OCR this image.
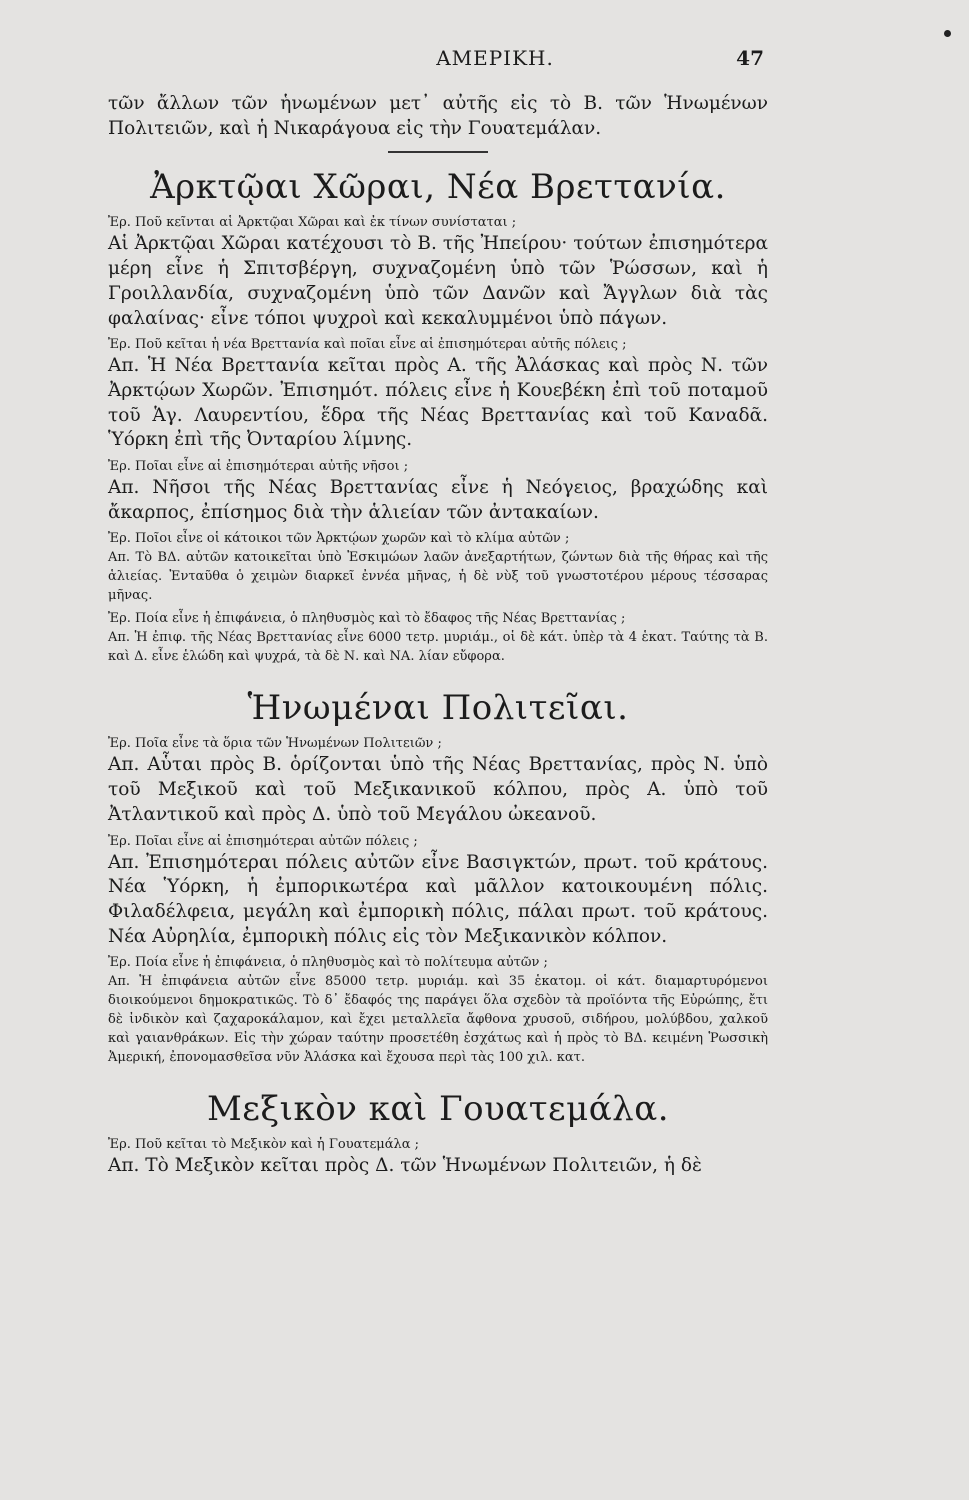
ΑΜΕΡΙΚΗ.	47

τῶν ἄλλων τῶν ἡνωμένων μετ᾽ αὐτῆς εἰς τὸ Β. τῶν Ἡνωμένων Πολιτειῶν, καὶ ἡ Νικαράγουα εἰς τὴν Γουατεμάλαν.

Ἀρκτῷαι Χῶραι, Νέα Βρεττανία.

Ἐρ. Ποῦ κεῖνται αἱ Ἀρκτῷαι Χῶραι καὶ ἐκ τίνων συνίσταται ;

Αἱ Ἀρκτῷαι Χῶραι κατέχουσι τὸ Β. τῆς Ἠπείρου· τούτων ἐπισημότερα μέρη εἶνε ἡ Σπιτσβέργη, συχναζομένη ὑπὸ τῶν Ῥώσσων, καὶ ἡ Γροιλλανδία, συχναζομένη ὑπὸ τῶν Δανῶν καὶ Ἄγγλων διὰ τὰς φαλαίνας· εἶνε τόποι ψυχροὶ καὶ κεκαλυμμένοι ὑπὸ πάγων.

Ἐρ. Ποῦ κεῖται ἡ νέα Βρεττανία καὶ ποῖαι εἶνε αἱ ἐπισημότεραι αὐτῆς πόλεις ;

Απ. Ἡ Νέα Βρεττανία κεῖται πρὸς Α. τῆς Ἀλάσκας καὶ πρὸς Ν. τῶν Ἀρκτῴων Χωρῶν. Ἐπισημότ. πόλεις εἶνε ἡ Κουεβέκη ἐπὶ τοῦ ποταμοῦ τοῦ Ἁγ. Λαυρεντίου, ἕδρα τῆς Νέας Βρεττανίας καὶ τοῦ Καναδᾶ. Ὑόρκη ἐπὶ τῆς Ὀνταρίου λίμνης.

Ἐρ. Ποῖαι εἶνε αἱ ἐπισημότεραι αὐτῆς νῆσοι ;

Απ. Νῆσοι τῆς Νέας Βρεττανίας εἶνε ἡ Νεόγειος, βραχώδης καὶ ἄκαρπος, ἐπίσημος διὰ τὴν ἁλιείαν τῶν ἀντακαίων.

Ἐρ. Ποῖοι εἶνε οἱ κάτοικοι τῶν Ἀρκτῴων χωρῶν καὶ τὸ κλίμα αὐτῶν ;

Απ. Τὸ ΒΔ. αὐτῶν κατοικεῖται ὑπὸ Ἐσκιμώων λαῶν ἀνεξαρτήτων, ζώντων διὰ τῆς θήρας καὶ τῆς ἁλιείας. Ἐνταῦθα ὁ χειμὼν διαρκεῖ ἐννέα μῆνας, ἡ δὲ νὺξ τοῦ γνωστοτέρου μέρους τέσσαρας μῆνας.

Ἐρ. Ποία εἶνε ἡ ἐπιφάνεια, ὁ πληθυσμὸς καὶ τὸ ἔδαφος τῆς Νέας Βρεττανίας ;

Απ. Ἡ ἐπιφ. τῆς Νέας Βρεττανίας εἶνε 6000 τετρ. μυριάμ., οἱ δὲ κάτ. ὑπὲρ τὰ 4 ἑκατ. Ταύτης τὰ Β. καὶ Δ. εἶνε ἑλώδη καὶ ψυχρά, τὰ δὲ Ν. καὶ ΝΑ. λίαν εὔφορα.

Ἡνωμέναι Πολιτεῖαι.

Ἐρ. Ποῖα εἶνε τὰ ὅρια τῶν Ἡνωμένων Πολιτειῶν ;

Απ. Αὗται πρὸς Β. ὁρίζονται ὑπὸ τῆς Νέας Βρεττανίας, πρὸς Ν. ὑπὸ τοῦ Μεξικοῦ καὶ τοῦ Μεξικανικοῦ κόλπου, πρὸς Α. ὑπὸ τοῦ Ἀτλαντικοῦ καὶ πρὸς Δ. ὑπὸ τοῦ Μεγάλου ὠκεανοῦ.

Ἐρ. Ποῖαι εἶνε αἱ ἐπισημότεραι αὐτῶν πόλεις ;

Απ. Ἐπισημότεραι πόλεις αὐτῶν εἶνε Βασιγκτών, πρωτ. τοῦ κράτους. Νέα Ὑόρκη, ἡ ἐμπορικωτέρα καὶ μᾶλλον κατοικουμένη πόλις. Φιλαδέλφεια, μεγάλη καὶ ἐμπορικὴ πόλις, πάλαι πρωτ. τοῦ κράτους. Νέα Αὐρηλία, ἐμπορικὴ πόλις εἰς τὸν Μεξικανικὸν κόλπον.

Ἐρ. Ποία εἶνε ἡ ἐπιφάνεια, ὁ πληθυσμὸς καὶ τὸ πολίτευμα αὐτῶν ;

Απ. Ἡ ἐπιφάνεια αὐτῶν εἶνε 85000 τετρ. μυριάμ. καὶ 35 ἑκατομ. οἱ κάτ. διαμαρτυρόμενοι διοικούμενοι δημοκρατικῶς. Τὸ δ᾽ ἔδαφός της παράγει ὅλα σχεδὸν τὰ προϊόντα τῆς Εὐρώπης, ἔτι δὲ ἰνδικὸν καὶ ζαχαροκάλαμον, καὶ ἔχει μεταλλεῖα ἄφθονα χρυσοῦ, σιδήρου, μολύβδου, χαλκοῦ καὶ γαιανθράκων. Εἰς τὴν χώραν ταύτην προσετέθη ἐσχάτως καὶ ἡ πρὸς τὸ ΒΔ. κειμένη Ῥωσσικὴ Ἀμερική, ἐπονομασθεῖσα νῦν Ἀλάσκα καὶ ἔχουσα περὶ τὰς 100 χιλ. κατ.

Μεξικὸν καὶ Γουατεμάλα.

Ἐρ. Ποῦ κεῖται τὸ Μεξικὸν καὶ ἡ Γουατεμάλα ;

Απ. Τὸ Μεξικὸν κεῖται πρὸς Δ. τῶν Ἡνωμένων Πολιτειῶν, ἡ δὲ
